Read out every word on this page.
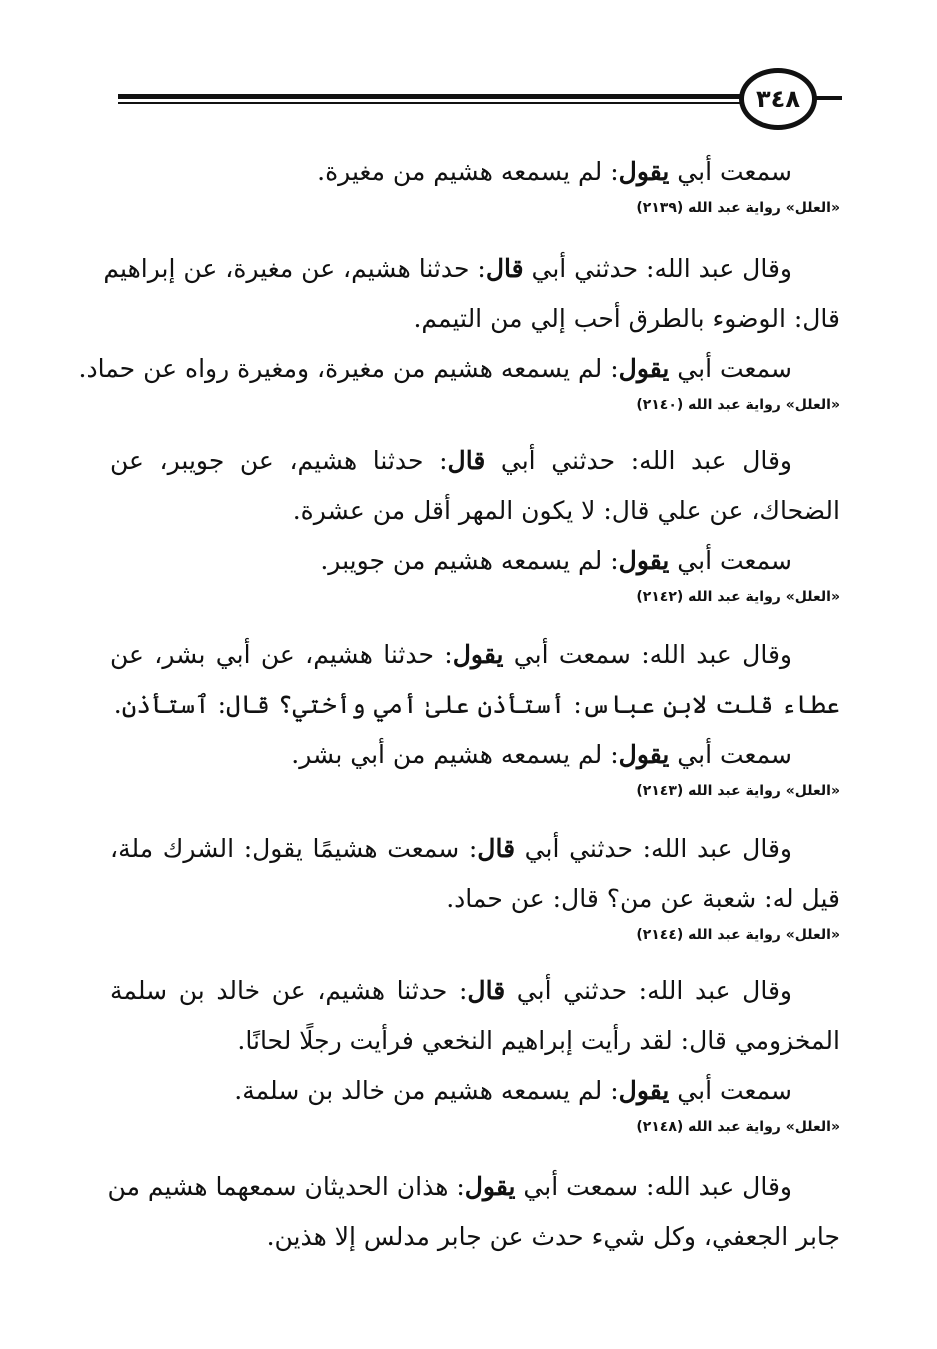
٣٤٨
سمعت أبي يقول: لم يسمعه هشيم من مغيرة.
«العلل» رواية عبد الله (٢١٣٩)
وقال عبد الله: حدثني أبي قال: حدثنا هشيم، عن مغيرة، عن إبراهيم
قال: الوضوء بالطرق أحب إلي من التيمم.
سمعت أبي يقول: لم يسمعه هشيم من مغيرة، ومغيرة رواه عن حماد.
«العلل» رواية عبد الله (٢١٤٠)
وقال عبد الله: حدثني أبي قال: حدثنا هشيم، عن جويبر، عن
الضحاك، عن علي قال: لا يكون المهر أقل من عشرة.
سمعت أبي يقول: لم يسمعه هشيم من جويبر.
«العلل» رواية عبد الله (٢١٤٢)
وقال عبد الله: سمعت أبي يقول: حدثنا هشيم، عن أبي بشر، عن
عطاء قلت لابن عباس: أستأذن علىٰ أمي وأختي؟ قال: ٱستأذن.
سمعت أبي يقول: لم يسمعه هشيم من أبي بشر.
«العلل» رواية عبد الله (٢١٤٣)
وقال عبد الله: حدثني أبي قال: سمعت هشيمًا يقول: الشرك ملة،
قيل له: شعبة عن من؟ قال: عن حماد.
«العلل» رواية عبد الله (٢١٤٤)
وقال عبد الله: حدثني أبي قال: حدثنا هشيم، عن خالد بن سلمة
المخزومي قال: لقد رأيت إبراهيم النخعي فرأيت رجلًا لحانًا.
سمعت أبي يقول: لم يسمعه هشيم من خالد بن سلمة.
«العلل» رواية عبد الله (٢١٤٨)
وقال عبد الله: سمعت أبي يقول: هذان الحديثان سمعهما هشيم من
جابر الجعفي، وكل شيء حدث عن جابر مدلس إلا هذين.
